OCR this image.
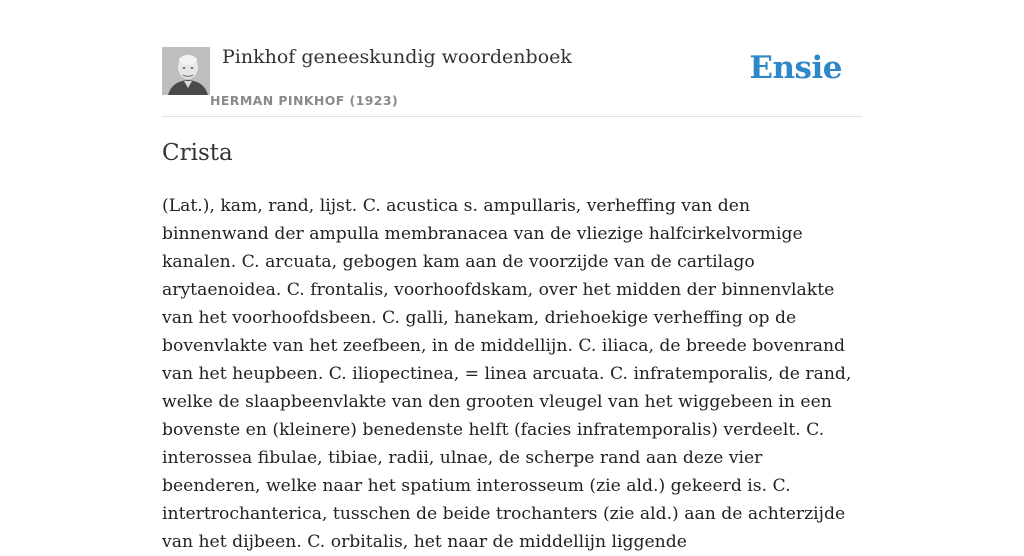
Pinkhof geneeskundig woordenboek
HERMAN PINKHOF (1923)
Ensie
Crista

(Lat.), kam, rand, lijst. C. acustica s. ampullaris, verheffing van den binnenwand der ampulla membranacea van de vliezige halfcirkelvormige kanalen. C. arcuata, gebogen kam aan de voorzijde van de cartilago arytaenoidea. C. frontalis, voorhoofdskam, over het midden der binnenvlakte van het voorhoofdsbeen. C. galli, hanekam, driehoekige verheffing op de bovenvlakte van het zeefbeen, in de middellijn. C. iliaca, de breede bovenrand van het heupbeen. C. iliopectinea, = linea arcuata. C. infratemporalis, de rand, welke de slaapbeenvlakte van den grooten vleugel van het wiggebeen in een bovenste en (kleinere) benedenste helft (facies infratemporalis) verdeelt. C. interossea fibulae, tibiae, radii, ulnae, de scherpe rand aan deze vier beenderen, welke naar het spatium interosseum (zie ald.) gekeerd is. C. intertrochanterica, tusschen de beide trochanters (zie ald.) aan de achterzijde van het dijbeen. C. orbitalis, het naar de middellijn liggende
